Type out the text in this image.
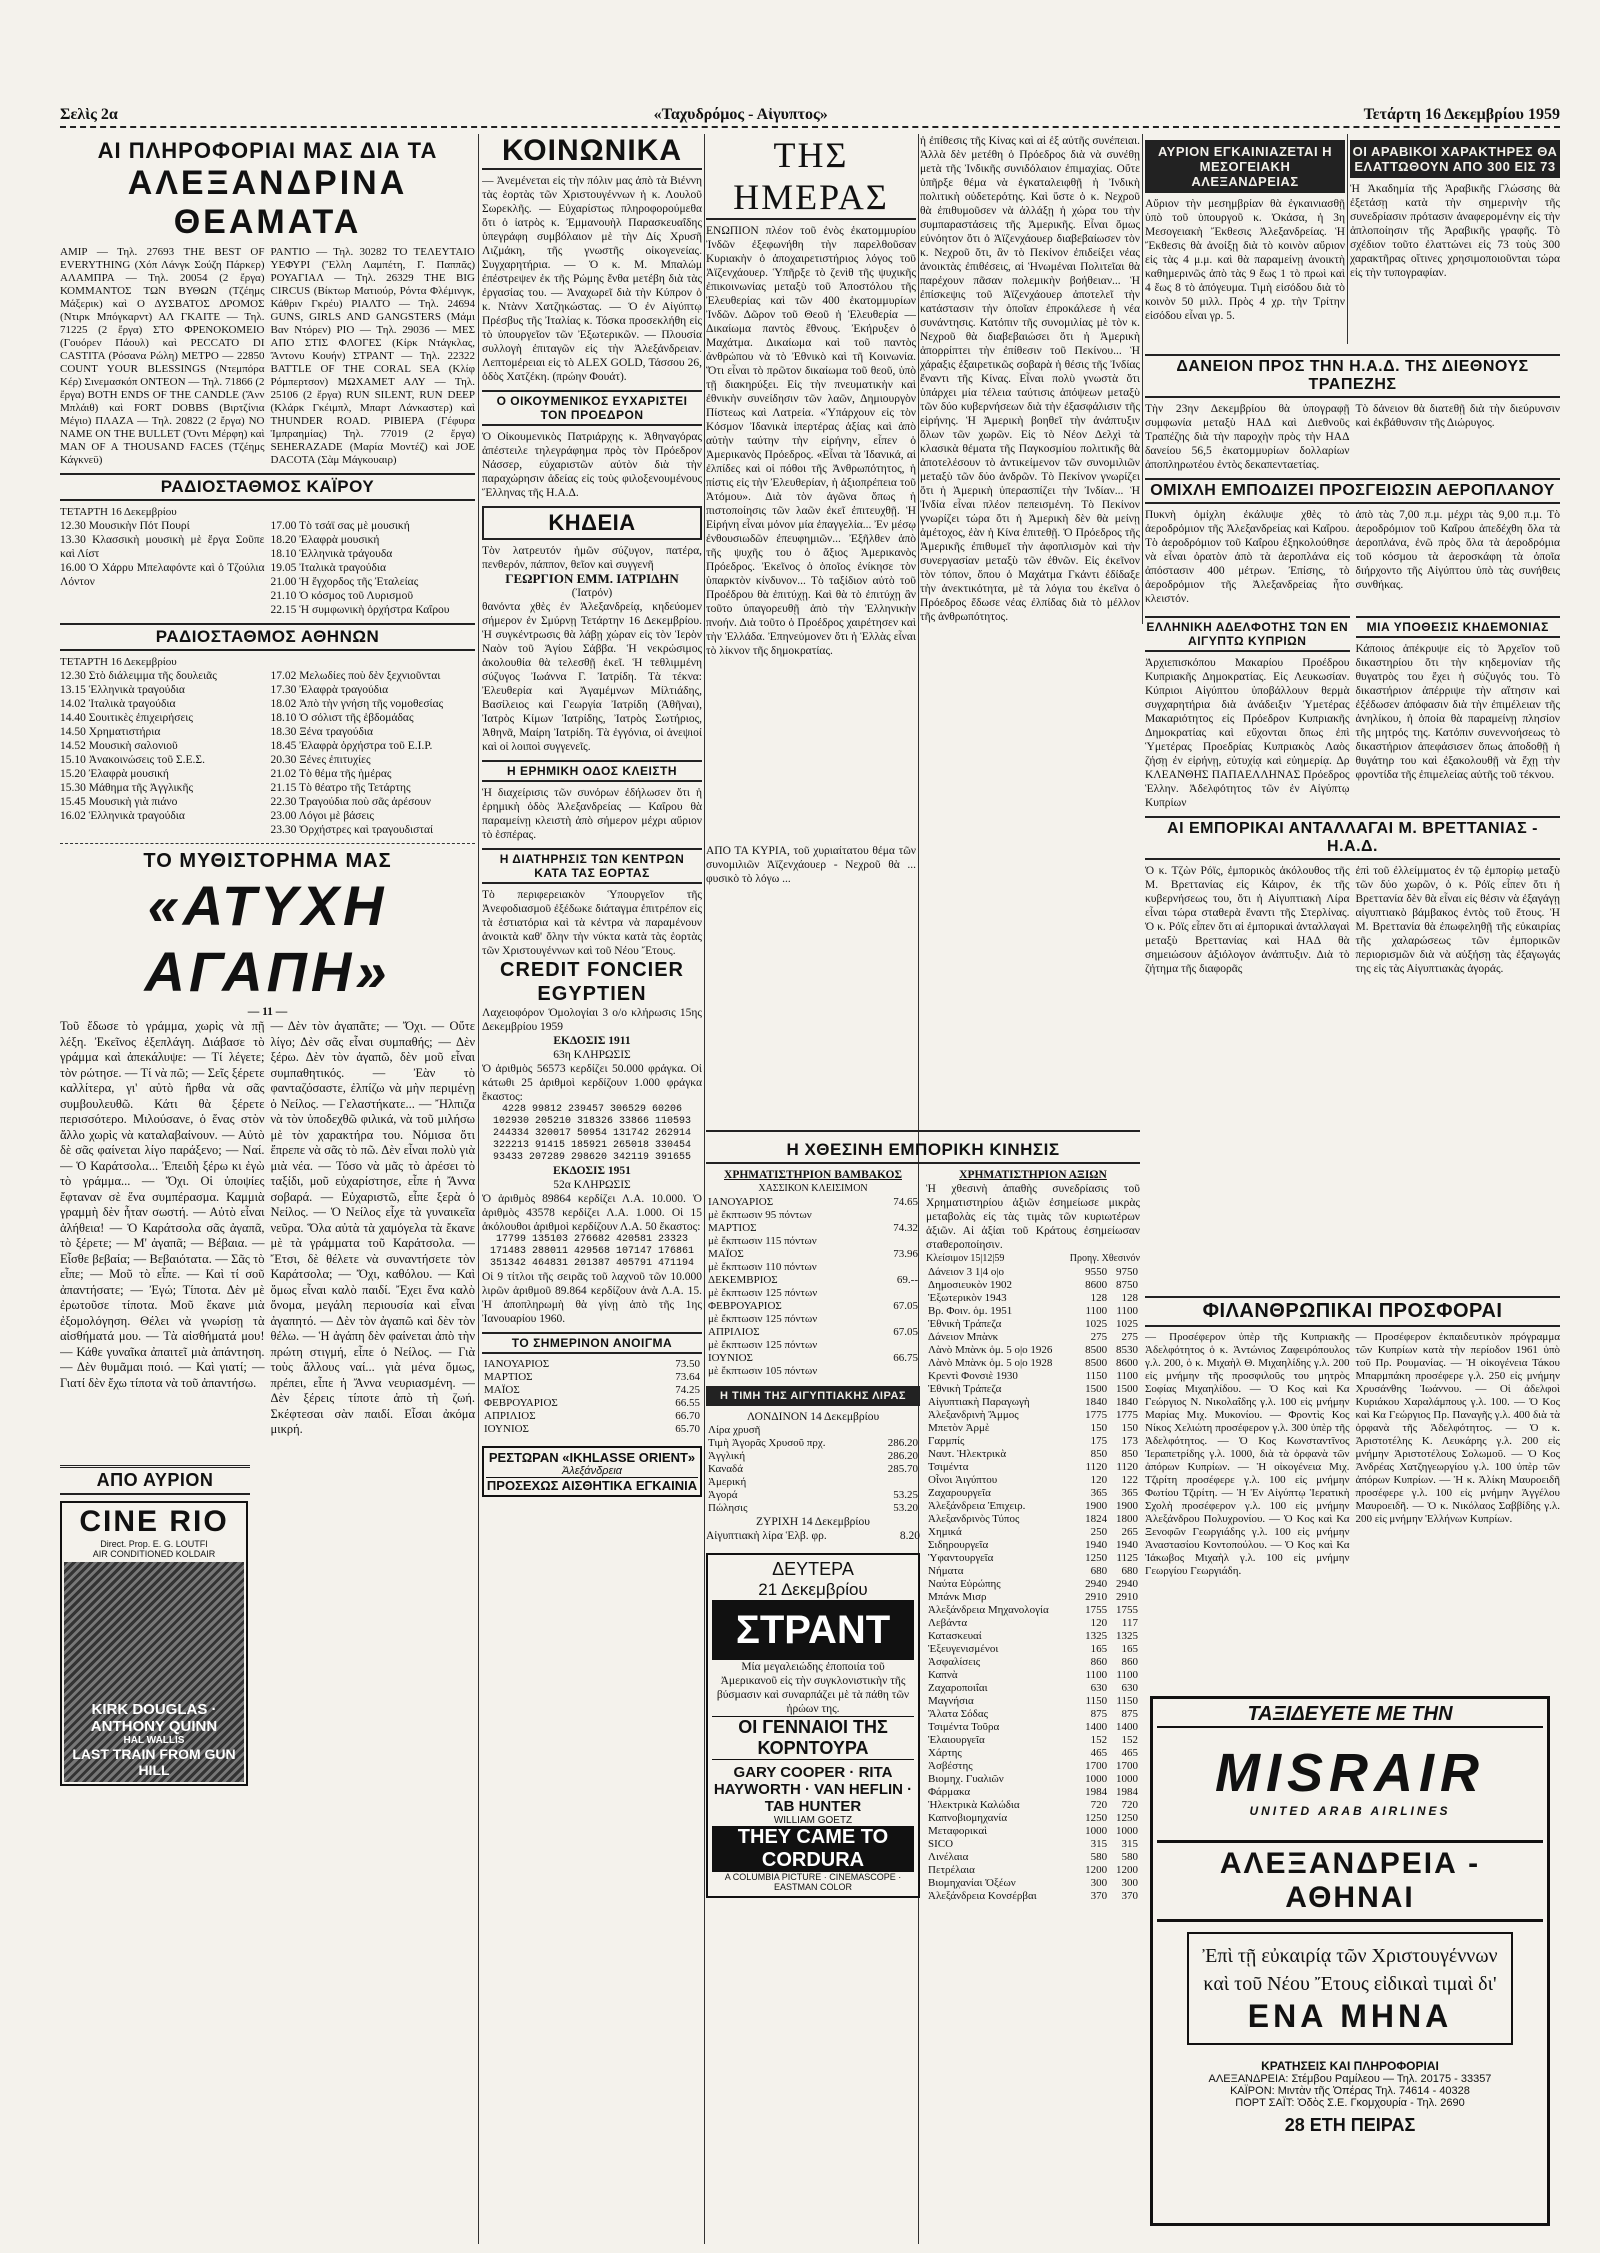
Σελὶς 2α	«Ταχυδρόμος - Αἰγυπτος»	Τετάρτη 16 Δεκεμβρίου 1959
ΑΙ ΠΛΗΡΟΦΟΡΙΑΙ ΜΑΣ ΔΙΑ ΤΑ
ΑΛΕΞΑΝΔΡΙΝΑ ΘΕΑΜΑΤΑ

ΑΜΙΡ — Τηλ. 27693 THE BEST OF EVERYTHING (Χόπ Λάνγκ Σούζη Πάρκερ) ΑΛΑΜΠΡΑ — Τηλ. 20054 (2 ἔργα) ΚΟΜΜΑΝΤΟΣ ΤΩΝ ΒΥΘΩΝ (Τζέημς Μάξερικ) καὶ Ο ΔΥΣΒΑΤΟΣ ΔΡΟΜΟΣ (Ντιρκ Μπόγκαρντ) ΑΛ ΓΚΑΙΤΕ — Τηλ. 71225 (2 ἔργα) ΣΤΟ ΦΡΕΝΟΚΟΜΕΙΟ (Γουόρεν Πάουλ) καὶ PECCATO DI CASTITA (Ρόσανα Ρώλη) ΜΕΤΡΟ — 22850 COUNT YOUR BLESSINGS (Ντεμπόρα Κέρ) Σινεμασκόπ ΟΝΤΕΟΝ — Τηλ. 71866 (2 ἔργα) BOTH ENDS OF THE CANDLE (Ἄνν Μπλάιθ) καὶ FORT DOBBS (Βιρτζίνια Μέγιο) ΠΛΑΖΑ — Τηλ. 20822 (2 ἔργα) NO NAME ON THE BULLET (Ὄντι Μέρφη) καὶ MAN OF A THOUSAND FACES (Τζέημς Κάγκνεϋ)

ΡΑΝΤΙΟ — Τηλ. 30282 ΤΟ ΤΕΛΕΥΤΑΙΟ ΥΕΦΥΡΙ (Ἔλλη Λαμπέτη, Γ. Παππᾶς) ΡΟΥΑΓΙΑΛ — Τηλ. 26329 THE BIG CIRCUS (Βίκτωρ Ματιούρ, Ρόντα Φλέμινγκ, Κάθριν Γκρέυ) ΡΙΑΛΤΟ — Τηλ. 24694 GUNS, GIRLS AND GANGSTERS (Μάμι Βαν Ντόρεν) ΡΙΟ — Τηλ. 29036 — ΜΕΣ ΑΠΟ ΣΤΙΣ ΦΛΟΓΕΣ (Κίρκ Ντάγκλας, Ἄντονυ Κουήν) ΣΤΡΑΝΤ — Τηλ. 22322 BATTLE OF THE CORAL SEA (Κλίφ Ρόμπερτσον) ΜΩΧΑΜΕΤ ΑΛΥ — Τηλ. 25106 (2 ἔργα) RUN SILENT, RUN DEEP (Κλάρκ Γκέιμπλ, Μπαρτ Λάνκαστερ) καὶ THUNDER ROAD. ΡΙΒΙΕΡΑ (Γέφυρα Ἰμπραημίας) Τηλ. 77019 (2 ἔργα) SEHERAZADE (Μαρία Μοντέζ) καὶ JOE DACOTA (Σὰμ Μάγκουαιρ)

ΡΑΔΙΟΣΤΑΘΜΟΣ ΚΑΪΡΟΥ
ΤΕΤΑΡΤΗ 16 Δεκεμβρίου
12.30 Μουσικὴν Πότ Πουρί
13.30 Κλασσικὴ μουσικὴ μὲ ἔργα Σοῦπε καὶ Λίστ
16.00 Ὁ Χάρρυ Μπελαφόντε καὶ ὁ Τζούλια Λόντον
17.00 Τὸ τσάϊ σας μὲ μουσική
18.20 Ἐλαφρὰ μουσική
18.10 Ἑλληνικὰ τράγουδα
19.05 Ἰταλικὰ τραγούδια
21.00 Ἡ ἔγχορδος τῆς Ἐταλείας
21.10 Ὁ κόσμος τοῦ Λυρισμοῦ
22.15 Ἡ συμφωνικὴ ὀρχήστρα Καΐρου
ΡΑΔΙΟΣΤΑΘΜΟΣ ΑΘΗΝΩΝ
ΤΕΤΑΡΤΗ 16 Δεκεμβρίου
12.30 Στὸ διάλειμμα τῆς δουλειᾶς
13.15 Ἑλληνικὰ τραγούδια
14.02 Ἰταλικὰ τραγούδια
14.40 Σουιτικὲς ἐπιχειρήσεις
14.50 Χρηματιστήρια
14.52 Μουσικὴ σαλονιοῦ
15.10 Ἀνακοινώσεις τοῦ Σ.Ε.Σ.
15.20 Ἐλαφρὰ μουσική
15.30 Μάθημα τῆς Ἀγγλικῆς
15.45 Μουσικὴ γιὰ πιάνο
16.02 Ἑλληνικὰ τραγούδια
17.02 Μελωδίες ποὺ δὲν ξεχνιοῦνται
17.30 Ἐλαφρὰ τραγούδια
18.02 Ἀπὸ τὴν γνήση τῆς νομοθεσίας
18.10 Ὁ σόλιστ τῆς ἑβδομάδας
18.30 Ξένα τραγούδια
18.45 Ἐλαφρὰ ὀρχήστρα τοῦ Ε.Ι.Ρ.
20.30 Ξένες ἐπιτυχίες
21.02 Τὸ θέμα τῆς ἡμέρας
21.15 Τὸ θέατρο τῆς Τετάρτης
22.30 Τραγούδια ποὺ σᾶς ἀρέσουν
23.00 Λόγοι μὲ βάσεις
23.30 Ὀρχήστρες καὶ τραγουδισταί
ΤΟ ΜΥΘΙΣΤΟΡΗΜΑ ΜΑΣ
«ΑΤΥΧΗ ΑΓΑΠΗ»
— 11 —

Τοῦ ἔδωσε τὸ γράμμα, χωρὶς νὰ πῇ λέξη. Ἐκεῖνος ἐξεπλάγη. Διάβασε τὸ γράμμα καὶ ἀπεκάλυψε: — Τί λέγετε; τὸν ρώτησε. — Τί νὰ πῶ; — Σεῖς ξέρετε καλλίτερα, γι' αὐτὸ ἤρθα νὰ σᾶς συμβουλευθῶ. Κάτι θὰ ξέρετε περισσότερο. Μιλούσανε, ὁ ἕνας στὸν ἄλλο χωρὶς νὰ καταλαβαίνουν. — Αὐτὸ δὲ σᾶς φαίνεται λίγο παράξενο; — Ναί. — Ὁ Καράτσολα... Ἐπειδὴ ξέρω κι ἐγὼ τὸ γράμμα... — Ὄχι. Οἱ ὑποψίες ἔφταναν σὲ ἕνα συμπέρασμα. Καμμιὰ γραμμὴ δὲν ἦταν σωστή. — Αὐτὸ εἶναι ἀλήθεια! — Ὁ Καράτσολα σᾶς ἀγαπᾶ, τὸ ξέρετε; — Μ' ἀγαπᾶ; — Βέβαια. — Εἶσθε βεβαία; — Βεβαιότατα. — Σᾶς τὸ εἶπε; — Μοῦ τὸ εἶπε. — Καὶ τί σοῦ ἀπαντήσατε; — Ἐγώ; Τίποτα. Δὲν μὲ ἐρωτοῦσε τίποτα. Μοῦ ἔκανε μιὰ ἐξομολόγηση. Θέλει νὰ γνωρίσῃ τὰ αἰσθήματά μου. — Τὰ αἰσθήματά μου! — Κάθε γυναῖκα ἀπαιτεῖ μιὰ ἀπάντηση. — Δὲν θυμᾶμαι ποιό. — Καὶ γιατί; — Γιατί δὲν ἔχω τίποτα νὰ τοῦ ἀπαντήσω.

— Δὲν τὸν ἀγαπᾶτε; — Ὄχι. — Οὔτε λίγο; Δὲν σᾶς εἶναι συμπαθής; — Δὲν ξέρω. Δὲν τὸν ἀγαπῶ, δὲν μοῦ εἶναι συμπαθητικός. — Ἐὰν τὸ φανταζόσαστε, ἐλπίζω νὰ μὴν περιμένῃ ὁ Νείλος. — Γελαστήκατε... — Ἤλπιζα νὰ τὸν ὑποδεχθῶ φιλικά, νὰ τοῦ μιλήσω μὲ τὸν χαρακτήρα του. Νόμισα ὅτι ἔπρεπε νὰ σᾶς τὸ πῶ. Δὲν εἶναι πολὺ γιὰ μιὰ νέα. — Τόσο νὰ μᾶς τὸ ἀρέσει τὸ ταξίδι, μοῦ εὐχαρίστησε, εἶπε ἡ Ἄννα σοβαρά. — Εὐχαριστῶ, εἶπε ξερὰ ὁ Νείλος. — Ὁ Νείλος εἶχε τὰ γυναικεῖα νεῦρα. Ὅλα αὐτὰ τὰ χαμόγελα τὰ ἔκανε μὲ τὰ γράμματα τοῦ Καράτσολα. — Ἔτσι, δὲ θέλετε νὰ συναντήσετε τὸν Καράτσολα; — Ὄχι, καθόλου. — Καὶ ὅμως εἶναι καλὸ παιδί. Ἔχει ἕνα καλὸ ὄνομα, μεγάλη περιουσία καὶ εἶναι ἀγαπητό. — Δὲν τὸν ἀγαπῶ καὶ δὲν τὸν θέλω. — Ἡ ἀγάπη δὲν φαίνεται ἀπὸ τὴν πρώτη στιγμή, εἶπε ὁ Νείλος. — Γιὰ τοὺς ἄλλους ναί... γιὰ μένα ὅμως, πρέπει, εἶπε ἡ Ἄννα νευριασμένη. — Δὲν ξέρεις τίποτε ἀπὸ τὴ ζωή. Σκέφτεσαι σὰν παιδί. Εἶσαι ἀκόμα μικρή.

ΑΠΟ ΑΥΡΙΟΝ
CINE RIO
Direct. Prop. E. G. LOUTFI
AIR CONDITIONED KOLDAIR
KIRK DOUGLAS · ANTHONY QUINN
HAL WALLIS
LAST TRAIN FROM GUN HILL
ΚΟΙΝΩΝΙΚΑ

— Ἀνεμένεται εἰς τὴν πόλιν μας ἀπὸ τὰ Βιέννη τὰς ἑορτὰς τῶν Χριστουγέννων ἡ κ. Λουλοῦ Σωρεκλῆς. — Εὐχαρίστως πληροφορούμεθα ὅτι ὁ ἰατρὸς κ. Ἐμμανουὴλ Παρασκευαΐδης ὑπεγράφη συμβόλαιον μὲ τὴν Δίς Χρυσῆ Λιζμάκη, τῆς γνωστῆς οἰκογενείας. Συγχαρητήρια. — Ὁ κ. Μ. Μπαλώμ ἐπέστρεψεν ἐκ τῆς Ρώμης ἔνθα μετέβη διὰ τὰς ἐργασίας του. — Ἀναχωρεῖ διὰ τὴν Κύπρον ὁ κ. Ντὰνν Χατζηκώστας. — Ὁ ἐν Αἰγύπτῳ Πρέσβυς τῆς Ἰταλίας κ. Τόσκα προσεκλήθη εἰς τὸ ὑπουργεῖον τῶν Ἐξωτερικῶν. — Πλουσία συλλογὴ ἐπιταγῶν εἰς τὴν Ἀλεξάνδρειαν. Λεπτομέρειαι εἰς τὸ ALEX GOLD, Τάσσου 26, ὁδὸς Χατζέκη. (πρώην Φουάτ).

Ο ΟΙΚΟΥΜΕΝΙΚΟΣ ΕΥΧΑΡΙΣΤΕΙ ΤΟΝ ΠΡΟΕΔΡΟΝ

Ὁ Οἰκουμενικὸς Πατριάρχης κ. Ἀθηναγόρας ἀπέστειλε τηλεγράφημα πρὸς τὸν Πρόεδρον Νάσσερ, εὐχαριστῶν αὐτὸν διὰ τὴν παραχώρησιν ἀδείας εἰς τοὺς φιλοξενουμένους Ἕλληνας τῆς Η.Α.Δ.

ΚΗΔΕΙΑ

Τὸν λατρευτόν ἡμῶν σύζυγον, πατέρα, πενθερόν, πάππον, θεῖον καὶ συγγενῆ

ΓΕΩΡΓΙΟΝ ΕΜΜ. ΙΑΤΡΙΔΗΝ
(Ἰατρόν)

θανόντα χθὲς ἐν Ἀλεξανδρείᾳ, κηδεύομεν σήμερον ἐν Σμύρνῃ Τετάρτην 16 Δεκεμβρίου. Ἡ συγκέντρωσις θὰ λάβῃ χώραν εἰς τὸν Ἱερὸν Ναὸν τοῦ Ἁγίου Σάββα. Ἡ νεκρώσιμος ἀκολουθία θὰ τελεσθῇ ἐκεῖ. Ἡ τεθλιμμένη σύζυγος Ἰωάννα Γ. Ἰατρίδη. Τὰ τέκνα: Ἐλευθερία καὶ Ἀγαμέμνων Μίλτιάδης, Βασίλειος καὶ Γεωργία Ἰατρίδη (Ἀθῆναι), Ἰατρὸς Κίμων Ἰατρίδης, Ἰατρὸς Σωτήριος, Ἀθηνᾶ, Μαίρη Ἰατρίδη. Τὰ ἐγγόνια, οἱ ἀνεψιοί καὶ οἱ λοιποὶ συγγενεῖς.

Η ΕΡΗΜΙΚΗ ΟΔΟΣ ΚΛΕΙΣΤΗ

Ἡ διαχείρισις τῶν συνόρων ἐδήλωσεν ὅτι ἡ ἐρημικὴ ὁδὸς Ἀλεξανδρείας — Καΐρου θὰ παραμείνῃ κλειστὴ ἀπὸ σήμερον μέχρι αὔριον τὸ ἑσπέρας.

Η ΔΙΑΤΗΡΗΣΙΣ ΤΩΝ ΚΕΝΤΡΩΝ ΚΑΤΑ ΤΑΣ ΕΟΡΤΑΣ

Τὸ περιφερειακὸν Ὑπουργεῖον τῆς Ἀνεφοδιασμοῦ ἐξέδωκε διάταγμα ἐπιτρέπον εἰς τὰ ἐστιατόρια καὶ τὰ κέντρα νὰ παραμένουν ἀνοικτὰ καθ' ὅλην τὴν νύκτα κατὰ τὰς ἑορτὰς τῶν Χριστουγέννων καὶ τοῦ Νέου Ἔτους.

CREDIT FONCIER EGYPTIEN

Λαχειοφόρον Ὁμολογίαι 3 ο/ο κλήρωσις 15ης Δεκεμβρίου 1959

ΕΚΔΟΣΙΣ 1911
63η ΚΛΗΡΩΣΙΣ

Ὁ ἀριθμὸς 56573 κερδίζει 50.000 φράγκα. Οἱ κάτωθι 25 ἀριθμοὶ κερδίζουν 1.000 φράγκα ἕκαστος:

4228 99812 239457 306529 60206 102930 205210 318326 33866 110593 244334 320017 50954 131742 262914 322213 91415 185921 265018 330454 93433 207289 298620 342119 391655

ΕΚΔΟΣΙΣ 1951
52α ΚΛΗΡΩΣΙΣ

Ὁ ἀριθμὸς 89864 κερδίζει Λ.Α. 10.000. Ὁ ἀριθμὸς 43578 κερδίζει Λ.Α. 1.000. Οἱ 15 ἀκόλουθοι ἀριθμοὶ κερδίζουν Λ.Α. 50 ἕκαστος:

17799 135103 276682 420581 23323 171483 288011 429568 107147 176861 351342 464831 201387 405791 471194

Οἱ 9 τίτλοι τῆς σειρᾶς τοῦ λαχνοῦ τῶν 10.000 λιρῶν ἀριθμοῦ 89.864 κερδίζουν ἀνὰ Λ.Α. 15. Ἡ ἀποπληρωμὴ θὰ γίνῃ ἀπὸ τῆς 1ης Ἰανουαρίου 1960.

ΤΟ ΣΗΜΕΡΙΝΟΝ ΑΝΟΙΓΜΑ
ΙΑΝΟΥΑΡΙΟΣ	73.50
ΜΑΡΤΙΟΣ	73.64
ΜΑΪΟΣ	74.25
ΦΕΒΡΟΥΑΡΙΟΣ	66.55
ΑΠΡΙΛΙΟΣ	66.70
ΙΟΥΝΙΟΣ	65.70
ΡΕΣΤΩΡΑΝ «IKHLASSE ORIENT»
Ἀλεξάνδρεια
ΠΡΟΣΕΧΩΣ ΑΙΣΘΗΤΙΚΑ ΕΓΚΑΙΝΙΑ
ΤΗΣ ΗΜΕΡΑΣ

ΕΝΩΠΙΟΝ πλέον τοῦ ἐνὸς ἐκατομμυρίου Ἰνδῶν ἐξεφωνήθη τὴν παρελθοῦσαν Κυριακὴν ὁ ἀποχαιρετιστήριος λόγος τοῦ Ἀϊζενχάουερ. Ὑπῆρξε τὸ ζενὶθ τῆς ψυχικῆς ἐπικοινωνίας μεταξὺ τοῦ Ἀποστόλου τῆς Ἐλευθερίας καὶ τῶν 400 ἑκατομμυρίων Ἰνδῶν. Δῶρον τοῦ Θεοῦ ἡ Ἐλευθερία — Δικαίωμα παντὸς ἔθνους. Ἐκήρυξεν ὁ Μαχάτμα. Δικαίωμα καὶ τοῦ παντὸς ἀνθρώπου νὰ τὸ Ἐθνικὸ καὶ τῆ Κοινωνία. Ὅτι εἶναι τὸ πρῶτον δικαίωμα τοῦ θεοῦ, ὑπὸ τῇ διακηρύξει. Εἰς τὴν πνευματικὴν καὶ ἐθνικὴν συνείδησιν τῶν λαῶν, Δημιουργὸν Πίστεως καὶ Λατρεία. «Ὑπάρχουν εἰς τὸν Κόσμον Ἰδανικὰ ἱπερτέρας ἀξίας καὶ ἀπὸ αὐτὴν ταύτην τὴν εἰρήνην, εἶπεν ὁ Ἀμερικανὸς Πρόεδρος. «Εἶναι τὰ Ἰδανικά, αἱ ἐλπίδες καὶ οἱ πόθοι τῆς Ἀνθρωπότητος, ἡ πίστις εἰς τὴν Ἐλευθερίαν, ἡ ἀξιοπρέπεια τοῦ Ἀτόμου». Διὰ τὸν ἀγῶνα ὅπως ἡ πιστοποίησις τῶν λαῶν ἐκεῖ ἐπιτευχθῇ. Ἡ Εἰρήνη εἶναι μόνον μία ἐπαγγελία... Ἐν μέσῳ ἐνθουσιωδῶν ἐπευφημιῶν... Ἐξῆλθεν ἀπὸ τῆς ψυχῆς του ὁ ἄξιος Ἀμερικανὸς Πρόεδρος. Ἐκεῖνος ὁ ὁποῖος ἐνίκησε τὸν ὑπαρκτὸν κίνδυνον... Τὸ ταξίδιον αὐτὸ τοῦ Προέδρου θὰ ἐπιτύχῃ. Καὶ θὰ τὸ ἐπιτύχῃ ἂν τοῦτο ὑπαγορευθῇ ἀπὸ τὴν Ἐλληνικὴν πνοήν. Διὰ τοῦτο ὁ Προέδρος χαιρέτησεν καὶ τὴν Ἑλλάδα. Ἐπηνεύμονεν ὅτι ἡ Ἑλλὰς εἶναι τὸ λίκνον τῆς δημοκρατίας.

ΑΠΟ ΤΑ ΚΥΡΙΑ, τοῦ χυριαίτατου θέμα τῶν συνομιλιῶν Ἀϊζενχάουερ - Νεχροῦ θὰ ... φυσικὸ τὸ λόγω ...

ἡ ἐπίθεσις τῆς Κίνας καὶ αἱ ἐξ αὐτῆς συνέπειαι. Ἀλλὰ δὲν μετέθη ὁ Πρόεδρος διὰ νὰ συνέθῃ μετὰ τῆς Ἰνδικῆς συνιδόλαιον ἐπιμαχίας. Οὔτε ὑπῆρξε θέμα νὰ ἐγκαταλειφθῇ ἡ Ἰνδικὴ πολιτικὴ οὐδετερότης. Καὶ ὕστε ὁ κ. Νεχροῦ θὰ ἐπιθυμοῦσεν νὰ ἀλλάξῃ ἡ χώρα του τὴν συμπαραστάσεις τῆς Ἀμερικῆς. Εἶναι ὅμως εὐνόητον ὅτι ὁ Ἀϊζενχάουερ διαβεβαίωσεν τὸν κ. Νεχροῦ ὅτι, ἂν τὸ Πεκίνον ἐπιδείξει νέας ἀνοικτὰς ἐπιθέσεις, αἱ Ἡνωμέναι Πολιτεῖαι θὰ παρέχουν πᾶσαν πολεμικὴν βοήθειαν... Ἡ ἐπίσκεψις τοῦ Ἀϊζενχάουερ ἀποτελεῖ τὴν κατάστασιν τὴν ὁποῖαν ἐπροκάλεσε ἡ νέα συνάντησις. Κατόπιν τῆς συνομιλίας μὲ τὸν κ. Νεχροῦ θὰ διαβεβαιώσει ὅτι ἡ Ἀμερικὴ ἀπορρίπτει τὴν ἐπίθεσιν τοῦ Πεκίνου... Ἡ χάραξις ἐξαιρετικῶς σοβαρὰ ἡ θέσις τῆς Ἰνδίας ἔναντι τῆς Κίνας. Εἶναι πολὺ γνωστὰ ὅτι ὑπάρχει μία τέλεια ταύτισις ἀπόψεων μεταξὺ τῶν δύο κυβερνήσεων διὰ τὴν ἐξασφάλισιν τῆς εἰρήνης. Ἡ Ἀμερικὴ βοηθεῖ τὴν ἀνάπτυξιν ὅλων τῶν χωρῶν. Εἰς τὸ Νέον Δελχὶ τὰ κλασικὰ θέματα τῆς Παγκοσμίου πολιτικῆς θὰ ἀποτελέσουν τὸ ἀντικείμενον τῶν συνομιλιῶν μεταξὺ τῶν δύο ἀνδρῶν. Τὸ Πεκίνον γνωρίζει ὅτι ἡ Ἀμερικὴ ὑπερασπίζει τὴν Ἰνδίαν... Ἡ Ἰνδία εἶναι πλέον πεπεισμένη. Τὸ Πεκίνον γνωρίζει τώρα ὅτι ἡ Ἀμερικὴ δὲν θὰ μείνῃ ἀμέτοχος, ἐὰν ἡ Κίνα ἐπιτεθῇ. Ὁ Πρόεδρος τῆς Ἀμερικῆς ἐπιθυμεῖ τὴν ἀφοπλισμὸν καὶ τὴν συνεργασίαν μεταξὺ τῶν ἐθνῶν. Εἰς ἐκεῖνον τὸν τόπον, ὅπου ὁ Μαχάτμα Γκάντι ἐδίδαξε τὴν ἀνεκτικότητα, μὲ τὰ λόγια του ἐκεῖνα ὁ Πρόεδρος ἔδωσε νέας ἐλπίδας διὰ τὸ μέλλον τῆς ἀνθρωπότητος.

ΑΥΡΙΟΝ ΕΓΚΑΙΝΙΑΖΕΤΑΙ Η ΜΕΣΟΓΕΙΑΚΗ ΑΛΕΞΑΝΔΡΕΙΑΣ

Αὔριον τὴν μεσημβρίαν θὰ ἐγκαινιασθῇ ὑπὸ τοῦ ὑπουργοῦ κ. Ὀκάσα, ἡ 3η Μεσογειακὴ Ἔκθεσις Ἀλεξανδρείας. Ἡ Ἔκθεσις θὰ ἀνοίξῃ διὰ τὸ κοινὸν αὔριον εἰς τὰς 4 μ.μ. καὶ θὰ παραμείνῃ ἀνοικτὴ καθημερινῶς ἀπὸ τὰς 9 ἕως 1 τὸ πρωὶ καὶ 4 ἕως 8 τὸ ἀπόγευμα. Τιμὴ εἰσόδου διὰ τὸ κοινὸν 50 μιλλ. Πρὸς 4 χρ. τὴν Τρίτην εἰσόδου εἶναι γρ. 5.

ΟΙ ΑΡΑΒΙΚΟΙ ΧΑΡΑΚΤΗΡΕΣ ΘΑ ΕΛΑΤΤΩΘΟΥΝ ΑΠΟ 300 ΕΙΣ 73

Ἡ Ἀκαδημία τῆς Ἀραβικῆς Γλώσσης θὰ ἐξετάσῃ κατὰ τὴν σημερινὴν τῆς συνεδρίασιν πρότασιν ἀναφερομένην εἰς τὴν ἀπλοποίησιν τῆς Ἀραβικῆς γραφῆς. Τὸ σχέδιον τοῦτο ἐλαττώνει εἰς 73 τοὺς 300 χαρακτῆρας οἵτινες χρησιμοποιοῦνται τώρα εἰς τὴν τυπογραφίαν.

ΔΑΝΕΙΟΝ ΠΡΟΣ ΤΗΝ Η.Α.Δ. ΤΗΣ ΔΙΕΘΝΟΥΣ ΤΡΑΠΕΖΗΣ

Τὴν 23ην Δεκεμβρίου θὰ ὑπογραφῇ συμφωνία μεταξὺ ΗΑΔ καὶ Διεθνοῦς Τραπέζης διὰ τὴν παροχὴν πρὸς τὴν ΗΑΔ δανείου 56,5 ἑκατομμυρίων δολλαρίων ἀποπληρωτέου ἐντὸς δεκαπενταετίας.

Τὸ δάνειον θὰ διατεθῇ διὰ τὴν διεύρυνσιν καὶ ἐκβάθυνσιν τῆς Διώρυγος.

ΟΜΙΧΛΗ ΕΜΠΟΔΙΖΕΙ ΠΡΟΣΓΕΙΩΣΙΝ ΑΕΡΟΠΛΑΝΟΥ

Πυκνὴ ὁμίχλη ἐκάλυψε χθὲς τὸ ἀεροδρόμιον τῆς Ἀλεξανδρείας καὶ Καΐρου. Τὸ ἀεροδρόμιον τοῦ Καΐρου ἐξηκολούθησε νὰ εἶναι ὁρατὸν ἀπὸ τὰ ἀεροπλάνα εἰς ἀπόστασιν 400 μέτρων. Ἐπίσης, τὸ ἀεροδρόμιον τῆς Ἀλεξανδρείας ἦτο κλειστόν.

ἀπὸ τὰς 7,00 π.μ. μέχρι τὰς 9,00 π.μ. Τὸ ἀεροδρόμιον τοῦ Καΐρου ἀπεδέχθη ὅλα τὰ ἀεροπλάνα, ἐνῶ πρὸς ὅλα τὰ ἀεροδρόμια τοῦ κόσμου τὰ ἀεροσκάφη τὰ ὁποῖα διήρχοντο τῆς Αἰγύπτου ὑπὸ τὰς συνήθεις συνθήκας.

ΕΛΛΗΝΙΚΗ ΑΔΕΛΦΟΤΗΣ ΤΩΝ ΕΝ ΑΙΓΥΠΤΩ ΚΥΠΡΙΩΝ

Ἀρχιεπισκόπου Μακαρίου Προέδρου Κυπριακῆς Δημοκρατίας. Εἰς Λευκωσίαν. Κύπριοι Αἰγύπτου ὑποβάλλουν θερμὰ συγχαρητήρια διὰ ἀνάδειξιν Ὑμετέρας Μακαριότητος εἰς Πρόεδρον Κυπριακῆς Δημοκρατίας καὶ εὔχονται ὅπως ἐπὶ Ὑμετέρας Προεδρίας Κυπριακὸς Λαὸς ζήσῃ ἐν εἰρήνῃ, εὐτυχίᾳ καὶ εὐημερίᾳ. Δρ ΚΛΕΑΝΘΗΣ ΠΑΠΑΕΛΛΗΝΑΣ Πρόεδρος Ἑλλην. Ἀδελφότητος τῶν ἐν Αἰγύπτῳ Κυπρίων

ΜΙΑ ΥΠΟΘΕΣΙΣ ΚΗΔΕΜΟΝΙΑΣ

Κάποιος ἀπέκρυψε εἰς τὸ Ἀρχεῖον τοῦ δικαστηρίου ὅτι τὴν κηδεμονίαν τῆς θυγατρὸς του ἔχει ἡ σύζυγός του. Τὸ δικαστήριον ἀπέρριψε τὴν αἴτησιν καὶ ἐξέδωσεν ἀπόφασιν διὰ τὴν ἐπιμέλειαν τῆς ἀνηλίκου, ἡ ὁποία θὰ παραμείνῃ πλησίον τῆς μητρός της. Κατόπιν συνεννοήσεως τὸ δικαστήριον ἀπεφάσισεν ὅπως ἀποδοθῇ ἡ θυγάτηρ του καὶ ἐξακολουθῇ νὰ ἔχῃ τὴν φροντίδα τῆς ἐπιμελείας αὐτῆς τοῦ τέκνου.

ΑΙ ΕΜΠΟΡΙΚΑΙ ΑΝΤΑΛΛΑΓΑΙ Μ. ΒΡΕΤΤΑΝΙΑΣ - Η.Α.Δ.

Ὁ κ. Τζὼν Ρόϊς, ἐμπορικὸς ἀκόλουθος τῆς Μ. Βρεττανίας εἰς Κάιρον, ἐκ τῆς κυβερνήσεως του, ὅτι ἡ Αἰγυπτιακὴ Λίρα εἶναι τώρα σταθερὰ ἔναντι τῆς Στερλίνας. Ὁ κ. Ρόϊς εἶπεν ὅτι αἱ ἐμπορικαὶ ἀνταλλαγαὶ μεταξὺ Βρεττανίας καὶ ΗΑΔ θὰ σημειώσουν ἀξιόλογον ἀνάπτυξιν. Διὰ τὸ ζήτημα τῆς διαφορᾶς

ἐπὶ τοῦ ἐλλείμματος ἐν τῷ ἐμπορίῳ μεταξὺ τῶν δύο χωρῶν, ὁ κ. Ρόϊς εἶπεν ὅτι ἡ Βρεττανία δὲν θὰ εἶναι εἰς θέσιν νὰ ἐξαγάγῃ αἰγυπτιακὸ βάμβακος ἐντὸς τοῦ ἔτους. Ἡ Μ. Βρεττανία θὰ ἐπωφεληθῇ τῆς εὐκαιρίας τῆς χαλαρώσεως τῶν ἐμπορικῶν περιορισμῶν διὰ νὰ αὐξήσῃ τὰς ἐξαγωγάς της εἰς τὰς Αἰγυπτιακὰς ἀγοράς.

Η ΧΘΕΣΙΝΗ ΕΜΠΟΡΙΚΗ ΚΙΝΗΣΙΣ
ΧΡΗΜΑΤΙΣΤΗΡΙΟΝ ΒΑΜΒΑΚΟΣ
ΧΑΣΣΙΚΟΝ ΚΛΕΙΣΙΜΟΝ
ΙΑΝΟΥΑΡΙΟΣ	74.65
μὲ ἔκπτωσιν 95 πόντων	
ΜΑΡΤΙΟΣ	74.32
μὲ ἔκπτωσιν 115 πόντων	
ΜΑΪΟΣ	73.96
μὲ ἔκπτωσιν 110 πόντων	
ΔΕΚΕΜΒΡΙΟΣ	69.--
μὲ ἔκπτωσιν 125 πόντων	
ΦΕΒΡΟΥΑΡΙΟΣ	67.05
μὲ ἔκπτωσιν 125 πόντων	
ΑΠΡΙΛΙΟΣ	67.05
μὲ ἔκπτωσιν 125 πόντων	
ΙΟΥΝΙΟΣ	66.75
μὲ ἔκπτωσιν 105 πόντων	
Η ΤΙΜΗ ΤΗΣ ΑΙΓΥΠΤΙΑΚΗΣ ΛΙΡΑΣ
ΛΟΝΔΙΝΟΝ 14 Δεκεμβρίου
Λίρα χρυσῆ	
Τιμὴ Ἀγορᾶς Χρυσοῦ πρχ.	286.20
Ἀγγλική	286.20
Καναδά	285.70
Ἀμερική	
Ἀγορά	53.25
Πώλησις	53.20
ΖΥΡΙΧΗ 14 Δεκεμβρίου
Αἰγυπτιακὴ λίρα Ἑλβ. φρ.	8.20
ΔΕΥΤΕΡΑ
21 Δεκεμβρίου
ΣΤΡΑΝΤ

Μία μεγαλειώδης ἐποποιία τοῦ Ἀμερικανοῦ εἰς τὴν συγκλονιστικὴν τῆς βύσμασιν καὶ συναρπάζει μὲ τὰ πάθη τῶν ἡρώων της.

ΟΙ ΓΕΝΝΑΙΟΙ ΤΗΣ ΚΟΡΝΤΟΥΡΑ
GARY COOPER · RITA HAYWORTH · VAN HEFLIN · TAB HUNTER
WILLIAM GOETZ
THEY CAME TO CORDURA
A COLUMBIA PICTURE · CINEMASCOPE · EASTMAN COLOR
ΧΡΗΜΑΤΙΣΤΗΡΙΟΝ ΑΞΙΩΝ

Ἡ χθεσινὴ ἀπαθὴς συνεδρίασις τοῦ Χρηματιστηρίου ἀξιῶν ἐσημείωσε μικρὰς μεταβολὰς εἰς τὰς τιμὰς τῶν κυριωτέρων ἀξιῶν. Αἱ ἀξίαι τοῦ Κράτους ἐσημείωσαν σταθεροποίησιν.

Κλείσιμον 15|12|59	Προηγ. Χθεσινόν
Δάνειον 3 1|4 ο|ο	9550	9750
Δημοσιευκὸν 1902	8600	8750
Ἐξωτερικὸν 1943	128	128
Βρ. Φοιν. ὁμ. 1951	1100	1100
Ἐθνικὴ Τράπεζα	1025	1025
Δάνειον Μπὰνκ	275	275
Λὰνὸ Μπὰνκ ὁμ. 5 ο|ο 1926	8500	8530
Λὰνὸ Μπὰνκ ὁμ. 5 ο|ο 1928	8500	8600
Κρεντὶ Φονσιὲ 1930	1150	1100
Ἐθνικὴ Τράπεζα	1500	1500
Αἰγυπτιακὴ Παραγωγὴ	1840	1840
Ἀλεξανδρινὴ Ἄμμος	1775	1775
Μπετὸν Ἀρμὲ	150	150
Γαρμπίς	175	173
Ναυτ. Ἡλεκτρικὰ	850	850
Τσιμέντα	1120	1120
Οἶνοι Ἀιγύπτου	120	122
Ζαχαρουργεῖα	365	365
Ἀλεξάνδρεια Ἐπιχειρ.	1900	1900
Ἀλεξανδρινὸς Τύπος	1824	1800
Χημικά	250	265
Σιδηρουργεῖα	1940	1940
Ὑφαντουργεῖα	1250	1125
Νήματα	680	680
Ναύτα Εὐρώπης	2940	2940
Μπάνκ Μισρ	2910	2910
Ἀλεξάνδρεια Μηχανολογία	1755	1755
Λεβάντα	120	117
Κατασκευαί	1325	1325
Ἐξευγενισμένοι	165	165
Ἀσφαλίσεις	860	860
Καπνὰ	1100	1100
Ζαχαροποιΐαι	630	630
Μαγνήσια	1150	1150
Ἄλατα Σόδας	875	875
Τσιμέντα Τοῦρα	1400	1400
Ἐλαιουργεῖα	152	152
Χάρτης	465	465
Ἀσβέστης	1700	1700
Βιομηχ. Γυαλιῶν	1000	1000
Φάρμακα	1984	1984
Ἠλεκτρικὰ Καλώδια	720	720
Καπνοβιομηχανία	1250	1250
Μεταφορικαὶ	1000	1000
SICO	315	315
Λινέλαια	580	580
Πετρέλαια	1200	1200
Βιομηχανίαι Ὀξέων	300	300
Ἀλεξάνδρεια Κονσέρβαι	370	370
ΦΙΛΑΝΘΡΩΠΙΚΑΙ ΠΡΟΣΦΟΡΑΙ

— Προσέφερον ὑπὲρ τῆς Κυπριακῆς Ἀδελφότητος ὁ κ. Ἀντώνιος Ζαφειρόπουλος γ.λ. 200, ὁ κ. Μιχαὴλ Θ. Μιχαηλίδης γ.λ. 200 εἰς μνήμην τῆς προσφιλοῦς του μητρὸς Σοφίας Μιχαηλίδου. — Ὁ Κος καὶ Κα Γεώργιος Ν. Νικολαΐδης γ.λ. 100 εἰς μνήμην Μαρίας Μιχ. Μυκονίου. — Φροντὶς Κος Νίκος Χελιώτη προσέφερον γ.λ. 300 ὑπὲρ τῆς Ἀδελφότητος. — Ὁ Κος Κωνσταντῖνος Ἱεραπετρίδης γ.λ. 1000, διὰ τὰ ὀρφανὰ τῶν ἀπόρων Κυπρίων. — Ἡ οἰκογένεια Μιχ. Τζιρίτη προσέφερε γ.λ. 100 εἰς μνήμην Φωτίου Τζιρίτη. — Ἡ Ἐν Αἰγύπτῳ Ἱερατικὴ Σχολὴ προσέφερον γ.λ. 100 εἰς μνήμην Ἀλεξάνδρου Πολυχρονίου. — Ὁ Κος καὶ Κα Ξενοφῶν Γεωργιάδης γ.λ. 100 εἰς μνήμην Ἀναστασίου Κοντοπούλου. — Ὁ Κος καὶ Κα Ἰάκωβος Μιχαὴλ γ.λ. 100 εἰς μνήμην Γεωργίου Γεωργιάδη.

— Προσέφερον ἐκπαιδευτικὸν πρόγραμμα τῶν Κυπρίων κατὰ τὴν περίοδον 1961 ὑπὸ τοῦ Πρ. Ρουμανίας. — Ἡ οἰκογένεια Τάκου Μπαρμπάκη προσέφερε γ.λ. 250 εἰς μνήμην Χρυσάνθης Ἰωάννου. — Οἱ ἀδελφοὶ Κυριάκου Χαραλάμπους γ.λ. 100. — Ὁ Κος καὶ Κα Γεώργιος Πρ. Παναγῆς γ.λ. 400 διὰ τὰ ὀρφανὰ τῆς Ἀδελφότητος. — Ὁ κ. Ἀριστοτέλης Κ. Λευκάρης γ.λ. 200 εἰς μνήμην Ἀριστοτέλους Σολωμοῦ. — Ὁ Κος Ἀνδρέας Χατζηγεωργίου γ.λ. 100 ὑπὲρ τῶν ἀπόρων Κυπρίων. — Ἡ κ. Ἀλίκη Μαυροειδῆ προσέφερε γ.λ. 100 εἰς μνήμην Ἀγγέλου Μαυροειδῆ. — Ὁ κ. Νικόλαος Σαββίδης γ.λ. 200 εἰς μνήμην Ἑλλήνων Κυπρίων.

ΤΑΞΙΔΕΥΕΤΕ ΜΕ ΤΗΝ
MISRAIR
UNITED ARAB AIRLINES
ΑΛΕΞΑΝΔΡΕΙΑ - ΑΘΗΝΑΙ
Ἐπὶ τῇ εὐκαιρίᾳ τῶν Χριστουγέννων καὶ τοῦ Νέου Ἔτους εἰδικαὶ τιμαὶ δι'
ΕΝΑ ΜΗΝΑ
ΚΡΑΤΗΣΕΙΣ ΚΑΙ ΠΛΗΡΟΦΟΡΙΑΙ
ΑΛΕΞΑΝΔΡΕΙΑ: Στέμβου Ραμίλεου — Τηλ. 20175 - 33357
ΚΑΪΡΟΝ: Μιντὰν τῆς Ὀπέρας Τηλ. 74614 - 40328
ΠΟΡΤ ΣΑΪΤ: Ὁδὸς Σ.Ε. Γκομχουρία - Τηλ. 2690
28 ΕΤΗ ΠΕΙΡΑΣ
